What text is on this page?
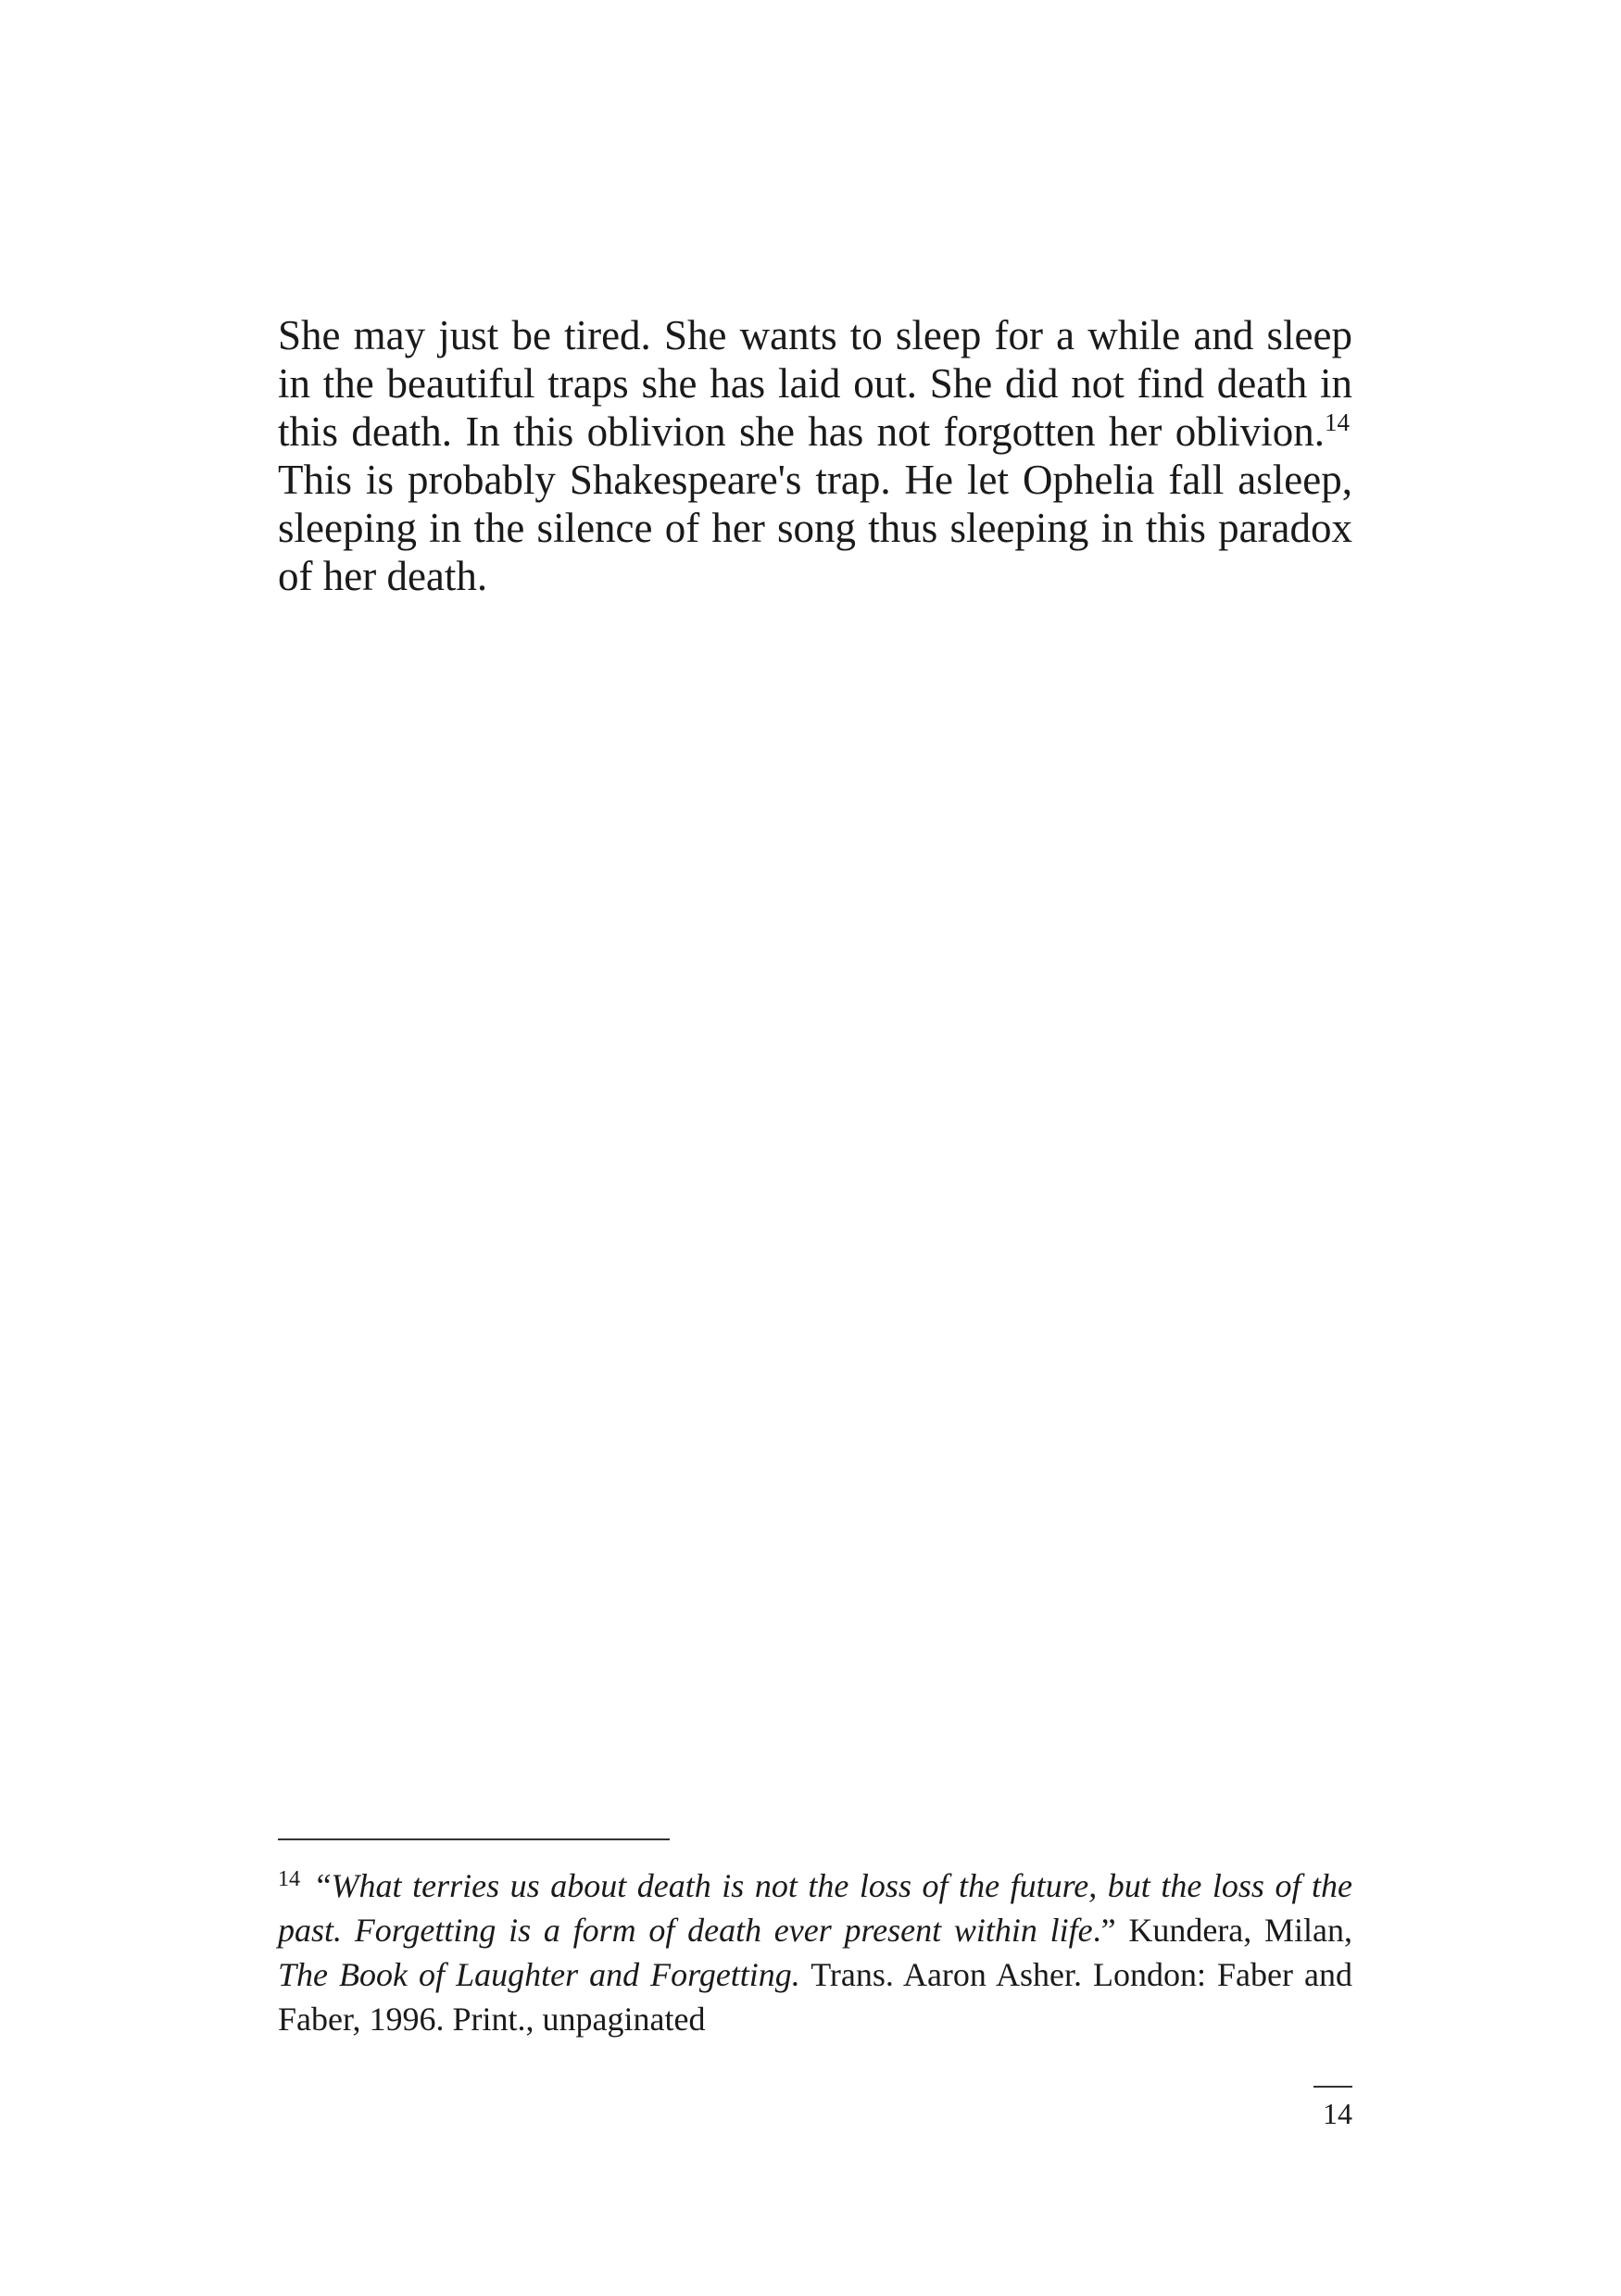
She may just be tired. She wants to sleep for a while and sleep in the beautiful traps she has laid out. She did not find death in this death. In this oblivion she has not forgotten her oblivion.$^{14}$ This is probably Shakespeare's trap. He let Ophelia fall asleep, sleeping in the silence of her song thus sleeping in this paradox of her death.

$^{14}$ “What terries us about death is not the loss of the future, but the loss of the past. Forgetting is a form of death ever present within life.” Kundera, Milan, The Book of Laughter and Forgetting. Trans. Aaron Asher. London: Faber and Faber, 1996. Print., unpaginated

14
